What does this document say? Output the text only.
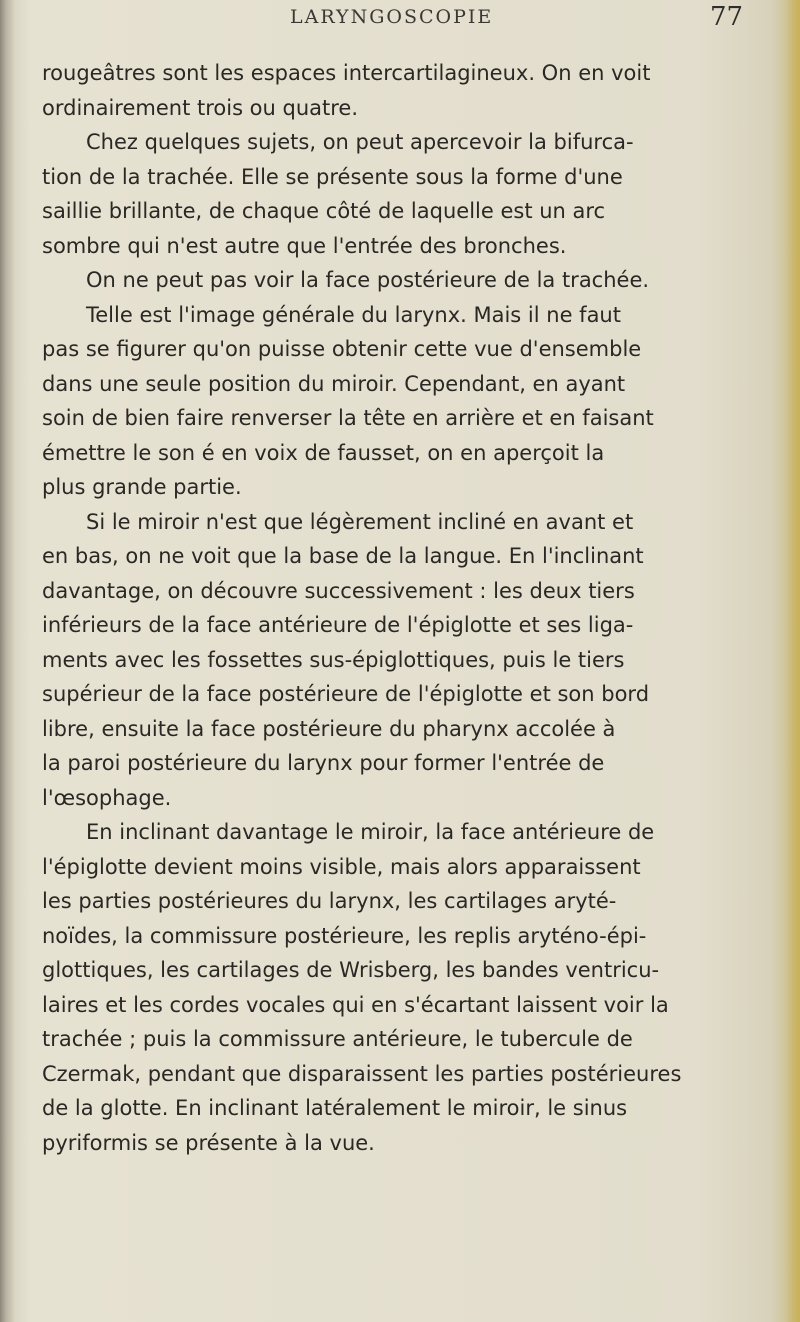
LARYNGOSCOPIE	77
rougeâtres sont les espaces intercartilagineux. On en voit
ordinairement trois ou quatre.
Chez quelques sujets, on peut apercevoir la bifurca-
tion de la trachée. Elle se présente sous la forme d'une
saillie brillante, de chaque côté de laquelle est un arc
sombre qui n'est autre que l'entrée des bronches.
On ne peut pas voir la face postérieure de la trachée.
Telle est l'image générale du larynx. Mais il ne faut
pas se figurer qu'on puisse obtenir cette vue d'ensemble
dans une seule position du miroir. Cependant, en ayant
soin de bien faire renverser la tête en arrière et en faisant
émettre le son é en voix de fausset, on en aperçoit la
plus grande partie.
Si le miroir n'est que légèrement incliné en avant et
en bas, on ne voit que la base de la langue. En l'inclinant
davantage, on découvre successivement : les deux tiers
inférieurs de la face antérieure de l'épiglotte et ses liga-
ments avec les fossettes sus-épiglottiques, puis le tiers
supérieur de la face postérieure de l'épiglotte et son bord
libre, ensuite la face postérieure du pharynx accolée à
la paroi postérieure du larynx pour former l'entrée de
l'œsophage.
En inclinant davantage le miroir, la face antérieure de
l'épiglotte devient moins visible, mais alors apparaissent
les parties postérieures du larynx, les cartilages aryté-
noïdes, la commissure postérieure, les replis aryténo-épi-
glottiques, les cartilages de Wrisberg, les bandes ventricu-
laires et les cordes vocales qui en s'écartant laissent voir la
trachée ; puis la commissure antérieure, le tubercule de
Czermak, pendant que disparaissent les parties postérieures
de la glotte. En inclinant latéralement le miroir, le sinus
pyriformis se présente à la vue.
